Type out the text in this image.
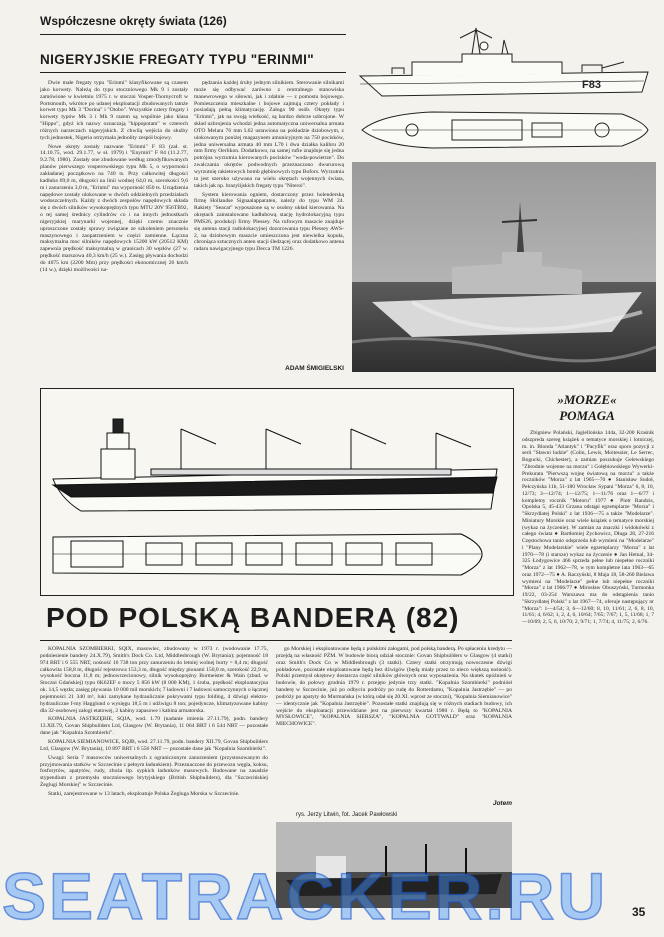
Współczesne okręty świata (126)
NIGERYJSKIE FREGATY TYPU "ERINMI"

Dwie małe fregaty typu "Erinmi" klasyfikowane są czasem jako korwety. Należą do typu stoczniowego Mk 9 i zostały zamówione w kwietniu 1975 r. w stoczni Vosper-Thornycroft w Portsmouth, wkrótce po udanej eksploatacji zbudowanych tamże korwet typu Mk 3 "Dorina" i "Otobo". Wszystkie cztery fregaty i korwety typów Mk 3 i Mk 9 razem są wspólnie jako klasa "Hippo", gdyż ich nazwy oznaczają "hippopotam" w czterech różnych narzeczach nigeryjskich. Z chwilą wejścia do służby tych jednostek, Nigeria otrzymała jednolity zespół bojowy.

Nowe okręty zostały nazwane "Erinmi" F 83 (zał. st. 14.10.75, wod. 29.1.77, w sł. 1979) i "Enymiri" F 84 (11.2.77, 9.2.78, 1980). Zostały one zbudowane według zmodyfikowanych planów pierwszego vosperowskiego typu Mk 5, o wyporności zakładanej początkowo na 740 ts. Przy całkowitej długości kadłuba 69,0 m, długości na linii wodnej 64,0 m, szerokości 9,6 m i zanurzeniu 3,0 m, "Erinmi" ma wyporność 850 ts. Urządzenia napędowe zostały ulokowane w dwóch oddzielnych przedziałach wodoszczelnych. Każdy z dwóch zespołów napędowych składa się z dwóch silników wysokoprężnych typu MTU 20V 956TB92, o tej samej średnicy cylindrów co i na innych jednostkach nigeryjskiej marynarki wojennej, dzięki czemu znacznie uproszczone zostały sprawy związane ze szkoleniem personelu maszynowego i zaopatrzeniem w części zamienne. Łączna maksymalna moc silników napędowych 15200 kW (20512 KM) zapewnia prędkość maksymalną w granicach 30 węzłów (27 w. prędkość marszowa 40,3 km/h (25 w.). Zasięg pływania dochodzi do 4075 km (2200 Mm) przy prędkości ekonomicznej 26 km/h (14 w.), dzięki możliwości na-

pędzania każdej śruby jednym silnikiem. Sterowanie silnikami może się odbywać zarówno z centralnego stanowiska manewrowego w siłowni, jak i zdalnie — z pomostu bojowego. Pomieszczenia mieszkalne i bojowe zajmują cztery pokłady i posiadają pełną klimatyzację. Załoga 90 osób. Okręty typu "Erinmi", jak na swoją wielkość, są bardzo dobrze uzbrojone. W skład uzbrojenia wchodzi jedna automatyczna uniwersalna armata OTO Melara 76 mm L62 ustawiona na pokładzie dziobowym, z ulokowanym poniżej magazynem amunicyjnym na 750 pocisków, jedna uniwersalna armata 40 mm L70 i dwa działka kalibru 20 mm firmy Oerlikon. Dodatkowo, na samej rufie znajduje się jedna potrójna wyrzutnia kierowanych pocisków "woda-powietrze". Do zwalczania okrętów podwodnych przeznaczono dwururową wyrzutnię rakietowych bomb głębinowych typu Bofors. Wyrzutnia ta jest szeroko używana na wielu okrętach wojennych świata, takich jak np. brazylijskich fregaty typu "Niteroi".

System kierowania ogniem, dostarczony przez holenderską firmę Hollandse Signaalapparaten, należy do typu WM 24. Rakiety "Seacat" wyposażone są w osobny układ kierowania. Na okrętach zainstalowano kadłubową stację hydrolokacyjną typu PMS26, produkcji firmy Plessey. Na rufowym maszcie znajduje się antena stacji radiolokacyjnej dozorowania typu Plessey AWS-2, na dziobowym maszcie umieszczona jest niewielka kopuła, chroniąca sztucznych anten stacji śledzącej oraz dodatkowo antena radaru nawigacyjnego typu Decca TM 1226.

ADAM ŚMIGIELSKI
F83
POD POLSKĄ BANDERĄ (82)

KOPALNIA SZOMBIERKI, SQIX, masowiec, zbudowany w 1973 r. (wodowanie 17.75, podniesienie bandery 24.X.79), Smith's Dock Co. Ltd, Middlesbrough (W. Brytania); pojemność 18 974 BRT i 6 555 NRT, nośność 16 738 ton przy zanurzeniu do letniej wolnej burty = 8,4 m; długość całkowita 158,8 m, długość rejestrowa 153,3 m, długość między pionami 150,0 m, szerokość 22,9 m, wysokość boczna 11,8 m; jednowrzecionowy, silnik wysokoprężny Burmeister & Wain (zbud. w Stoczni Gdańskiej) typu 6K62EF o mocy 5 856 kW (8 000 KM), 1 śruba, prędkość eksploatacyjna ok. 14,5 węzła; zasięg pływania 10 000 mil morskich; 7 ładowni i 7 ładowni samoczynnych o łącznej pojemności 21 340 m³, luki zamykane hydraulicznie pokrywami typu folding, 4 dźwigi elektro-hydrauliczne f-my Hagglund o wysięgu 18,5 m i udźwigu 8 ton; pojedyncze, klimatyzowane kabiny dla 32-osobowej załogi etatowej, 2 kabiny zapasowe i kabina armatorska.

KOPALNIA JASTRZĘBIE, SQJA, wod. 1.79 (nadanie imienia 27.11.79), podn. bandery 13.XII.79, Govan Shipbuilders Ltd, Glasgow (W. Brytania), 11 064 BRT i 6 544 NRT — pozostałe dane jak "Kopalnia Szombierki".

KOPALNIA SIEMIANOWICE, SQJB, wod. 27.11.79, podn. bandery XII.79, Govan Shipbuilders Ltd, Glasgow (W. Brytania), 10 897 BRT i 6 556 NRT — pozostałe dane jak "Kopalnia Szombierki".

Uwagi: Seria 7 masowców uniwersalnych z ograniczonym zanurzeniem (przystosowanym do przyjmowania statków w Szczecinie z pełnym ładunkiem). Przeznaczone do przewozu węgla, koksu, fosforytów, apatytów, rudy, zboża itp. sypkich ładunków masowych. Budowane na zasadzie stypendium z przemysłu stoczniowego brytyjskiego (British Shipbuilders), dla "Szczecińskiej Żeglugi Morskiej" w Szczecinie.

Statki, zarejestrowane w 13 latach, eksploatuje Polska Żegluga Morska w Szczecinie.

go Morskiej i eksploatowane będą z polskimi załogami, pod polską banderą. Po spłaceniu kredytu — przejdą na własność PŻM. W budowie biorą udział stocznie: Govan Shipbuilders w Glasgow (4 statki) oraz Smith's Dock Co w Middlesbrough (3 statki). Cztery statki otrzymują nowoczesne dźwigi pokładowe, pozostałe eksploatowane będą bez dźwigów (będą miały przez to nieco większą nośność). Polski przemysł okrętowy dostarcza część silników głównych oraz wyposażenia. Na skutek opóźnień w budowie, do połowy grudnia 1979 r. przejęto jedynie trzy statki. "Kopalnia Szombierki" podniósł banderę w Szczecinie, już po odbyciu podróży po rudę do Rotterdamu, "Kopalnia Jastrzębie" — po podróży po apatyty do Murmańska (w którą udał się 20.XI. wprost ze stoczni), "Kopalnia Siemianowice" — identycznie jak "Kopalnia Jastrzębie". Pozostałe statki znajdują się w różnych stadiach budowy, ich wejście do eksploatacji przewidziane jest na pierwszy kwartał 1980 r. Będą to "KOPALNIA MYSŁOWICE", "KOPALNIA SIERSZA", "KOPALNIA GOTTWALD" oraz "KOPALNIA MIECHOWICE".

Jotem
rys. Jerzy Litwin, fot. Jacek Pawłowski
»MORZE«
POMAGA

Zbigniew Polański, Jagiellońska 144a, 32-200 Kraśnik odszpreda szereg książek o tematyce morskiej i lotniczej, m. in. Blonda "Atlantyk" i "Pacyfik" oraz sporo pozycji z serii "Sławni ludzie" (Colin, Lewis, Moitessier, Le Serrec, Bogucki, Chichester), a zamian poszukuje Gelewskiego "Zbrodnie wojenne na morzu" i Gołębiowskiego Wywerki-Prekurata "Pierwszą wojnę światową na morzu" a także roczników "Morza" z lat 1965—70 ● Stanisław Sudoł, Pełczyńska 11b, 51-180 Wrocław Sypani "Morza" 6, 8, 10, 12/73; 3—12/74; 1—12/75; 1—11/76 oraz 1—6/77 i kompletny rocznik "Motoru" 1977 ● Piotr Randzis, Opolska 5, 45-433 Grzana odstąpi egzemplarze "Morza" i "Skrzydlatej Polski" z lat 1936—75 a także "Modelarze". Miniatury Morskie oraz wiele książek o tematyce morskiej (wykaz na życzenie). W zamian za znaczki i widokówki z całego świata ● Bartłomiej Zychowicz, Długa 28, 27-216 Częstochowa tanio odsprzeda lub wymieni na "Modelarze" i "Plany Modelarskie" wiele egzemplarzy "Morza" z lat 1970—78 (i starsze) wykaz na życzenie ● Jan Hetnal, 34-325 Łodygowice 466 sprzeda pełne lub niepełne roczniki "Morza" z lat 1962—78, w tym kompletne lata 1963—65 oraz 1972—75 ● A. Raczyński, 8 Maja 18, 58-260 Bielawa wymieni na "Modelarze" pełne lub niepełne roczniki "Morza" z lat 1966/77 ● Mirosław Obuszyński, Turmonka 19/22, 03-254 Warszawa ma do odstąpienia tanio "Skrzydlatej Polski" z lat 1967—74, oferuje następujący nr "Morza": 1—4/54; 3, 6—12/60; 8, 10, 11/61; 2, 6, 8, 10, 11/61; 4, 6/62; 1, 2, 4, 6, 10/64; 7/65; 7/67; 1, 5, 11/68; 1, 7—10/69; 2, 5, 6, 10/70; 2, 9/71; 1, 7/74; 4, 11/75; 2, 6/76.

SEATRACKER.RU 35
